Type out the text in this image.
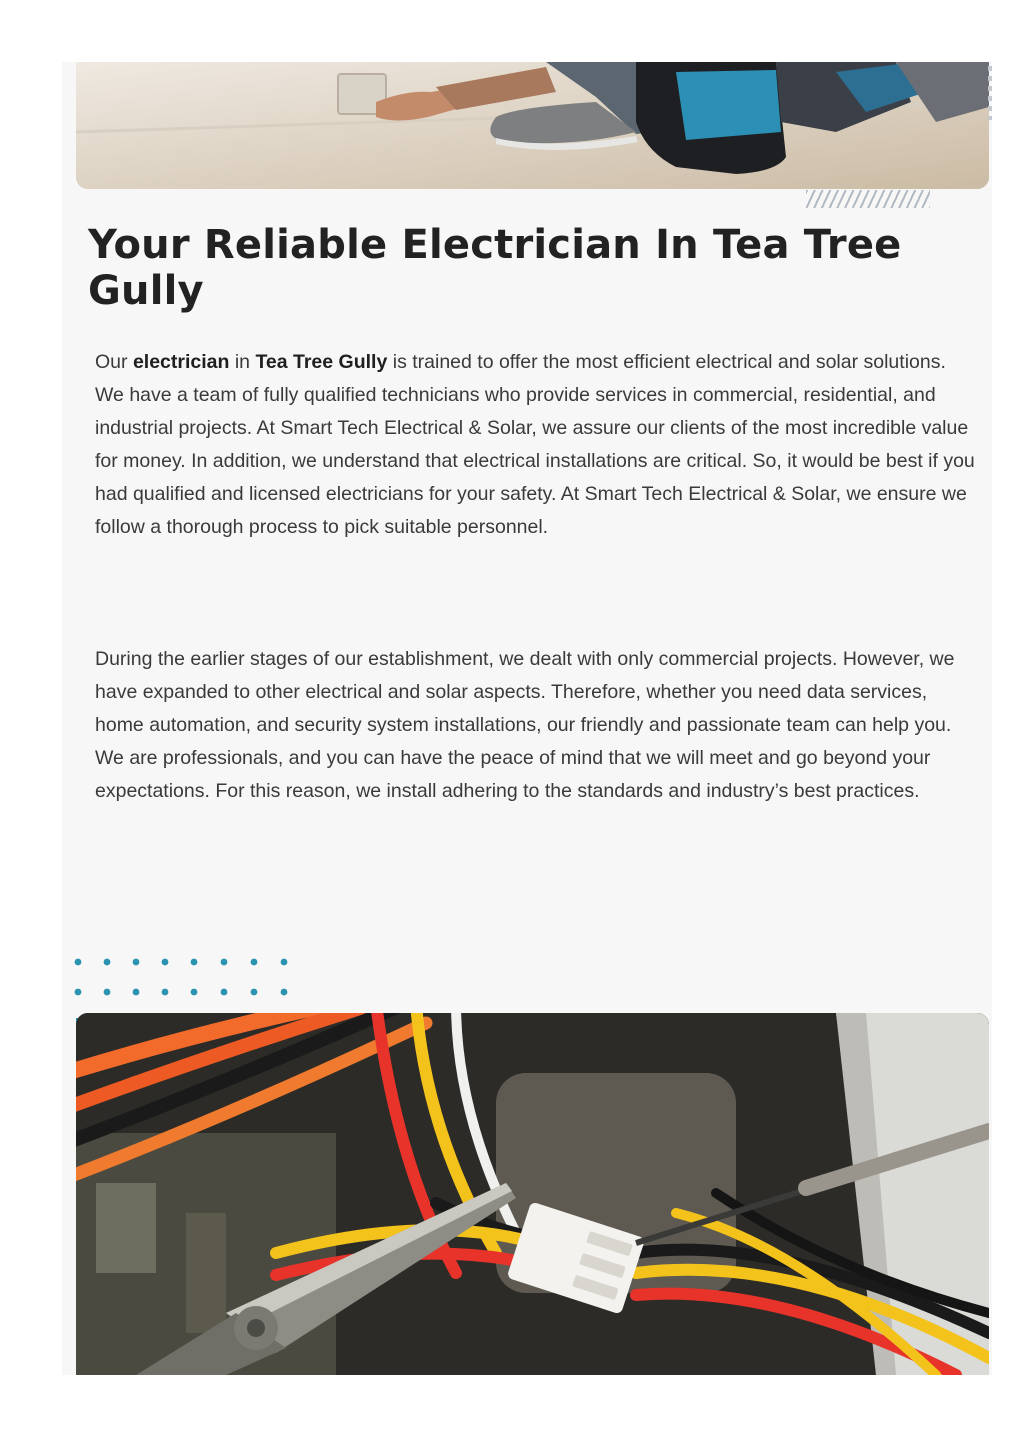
Your Reliable Electrician In Tea Tree Gully

Our electrician in Tea Tree Gully is trained to offer the most efficient electrical and solar solutions. We have a team of fully qualified technicians who provide services in commercial, residential, and industrial projects. At Smart Tech Electrical & Solar, we assure our clients of the most incredible value for money. In addition, we understand that electrical installations are critical. So, it would be best if you had qualified and licensed electricians for your safety. At Smart Tech Electrical & Solar, we ensure we follow a thorough process to pick suitable personnel.

During the earlier stages of our establishment, we dealt with only commercial projects. However, we have expanded to other electrical and solar aspects. Therefore, whether you need data services, home automation, and security system installations, our friendly and passionate team can help you. We are professionals, and you can have the peace of mind that we will meet and go beyond your expectations. For this reason, we install adhering to the standards and industry’s best practices.
